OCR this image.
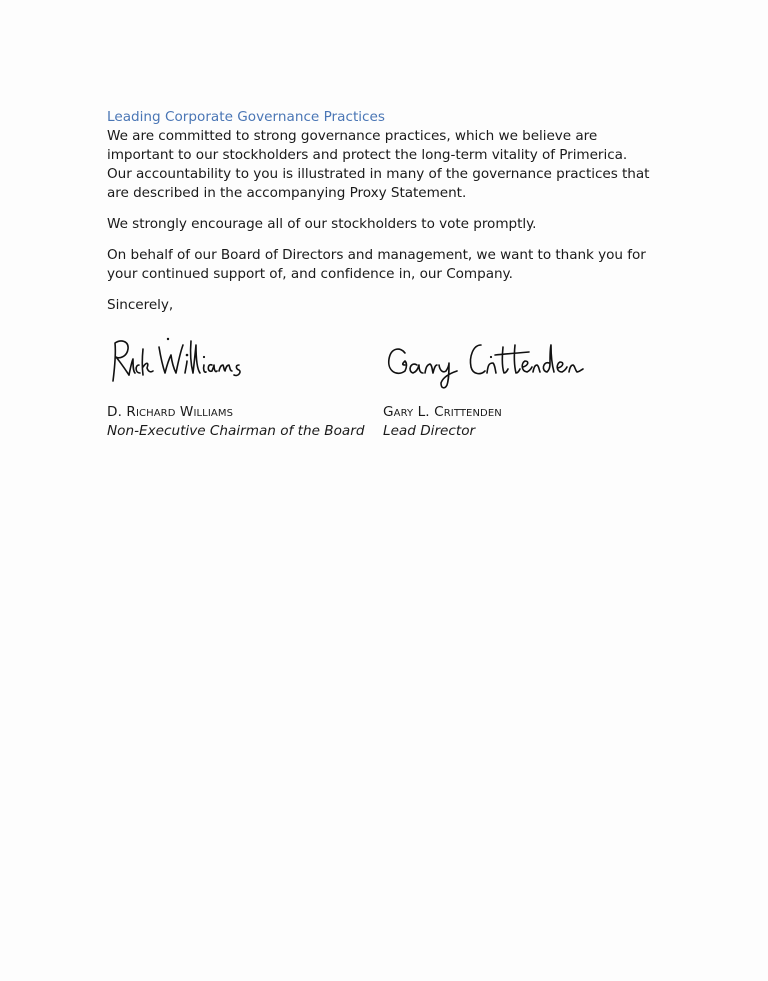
Leading Corporate Governance Practices

We are committed to strong governance practices, which we believe are important to our stockholders and protect the long-term vitality of Primerica. Our accountability to you is illustrated in many of the governance practices that are described in the accompanying Proxy Statement.

We strongly encourage all of our stockholders to vote promptly.

On behalf of our Board of Directors and management, we want to thank you for your continued support of, and confidence in, our Company.

Sincerely,

D. Richard Williams
Non-Executive Chairman of the Board
Gary L. Crittenden
Lead Director
